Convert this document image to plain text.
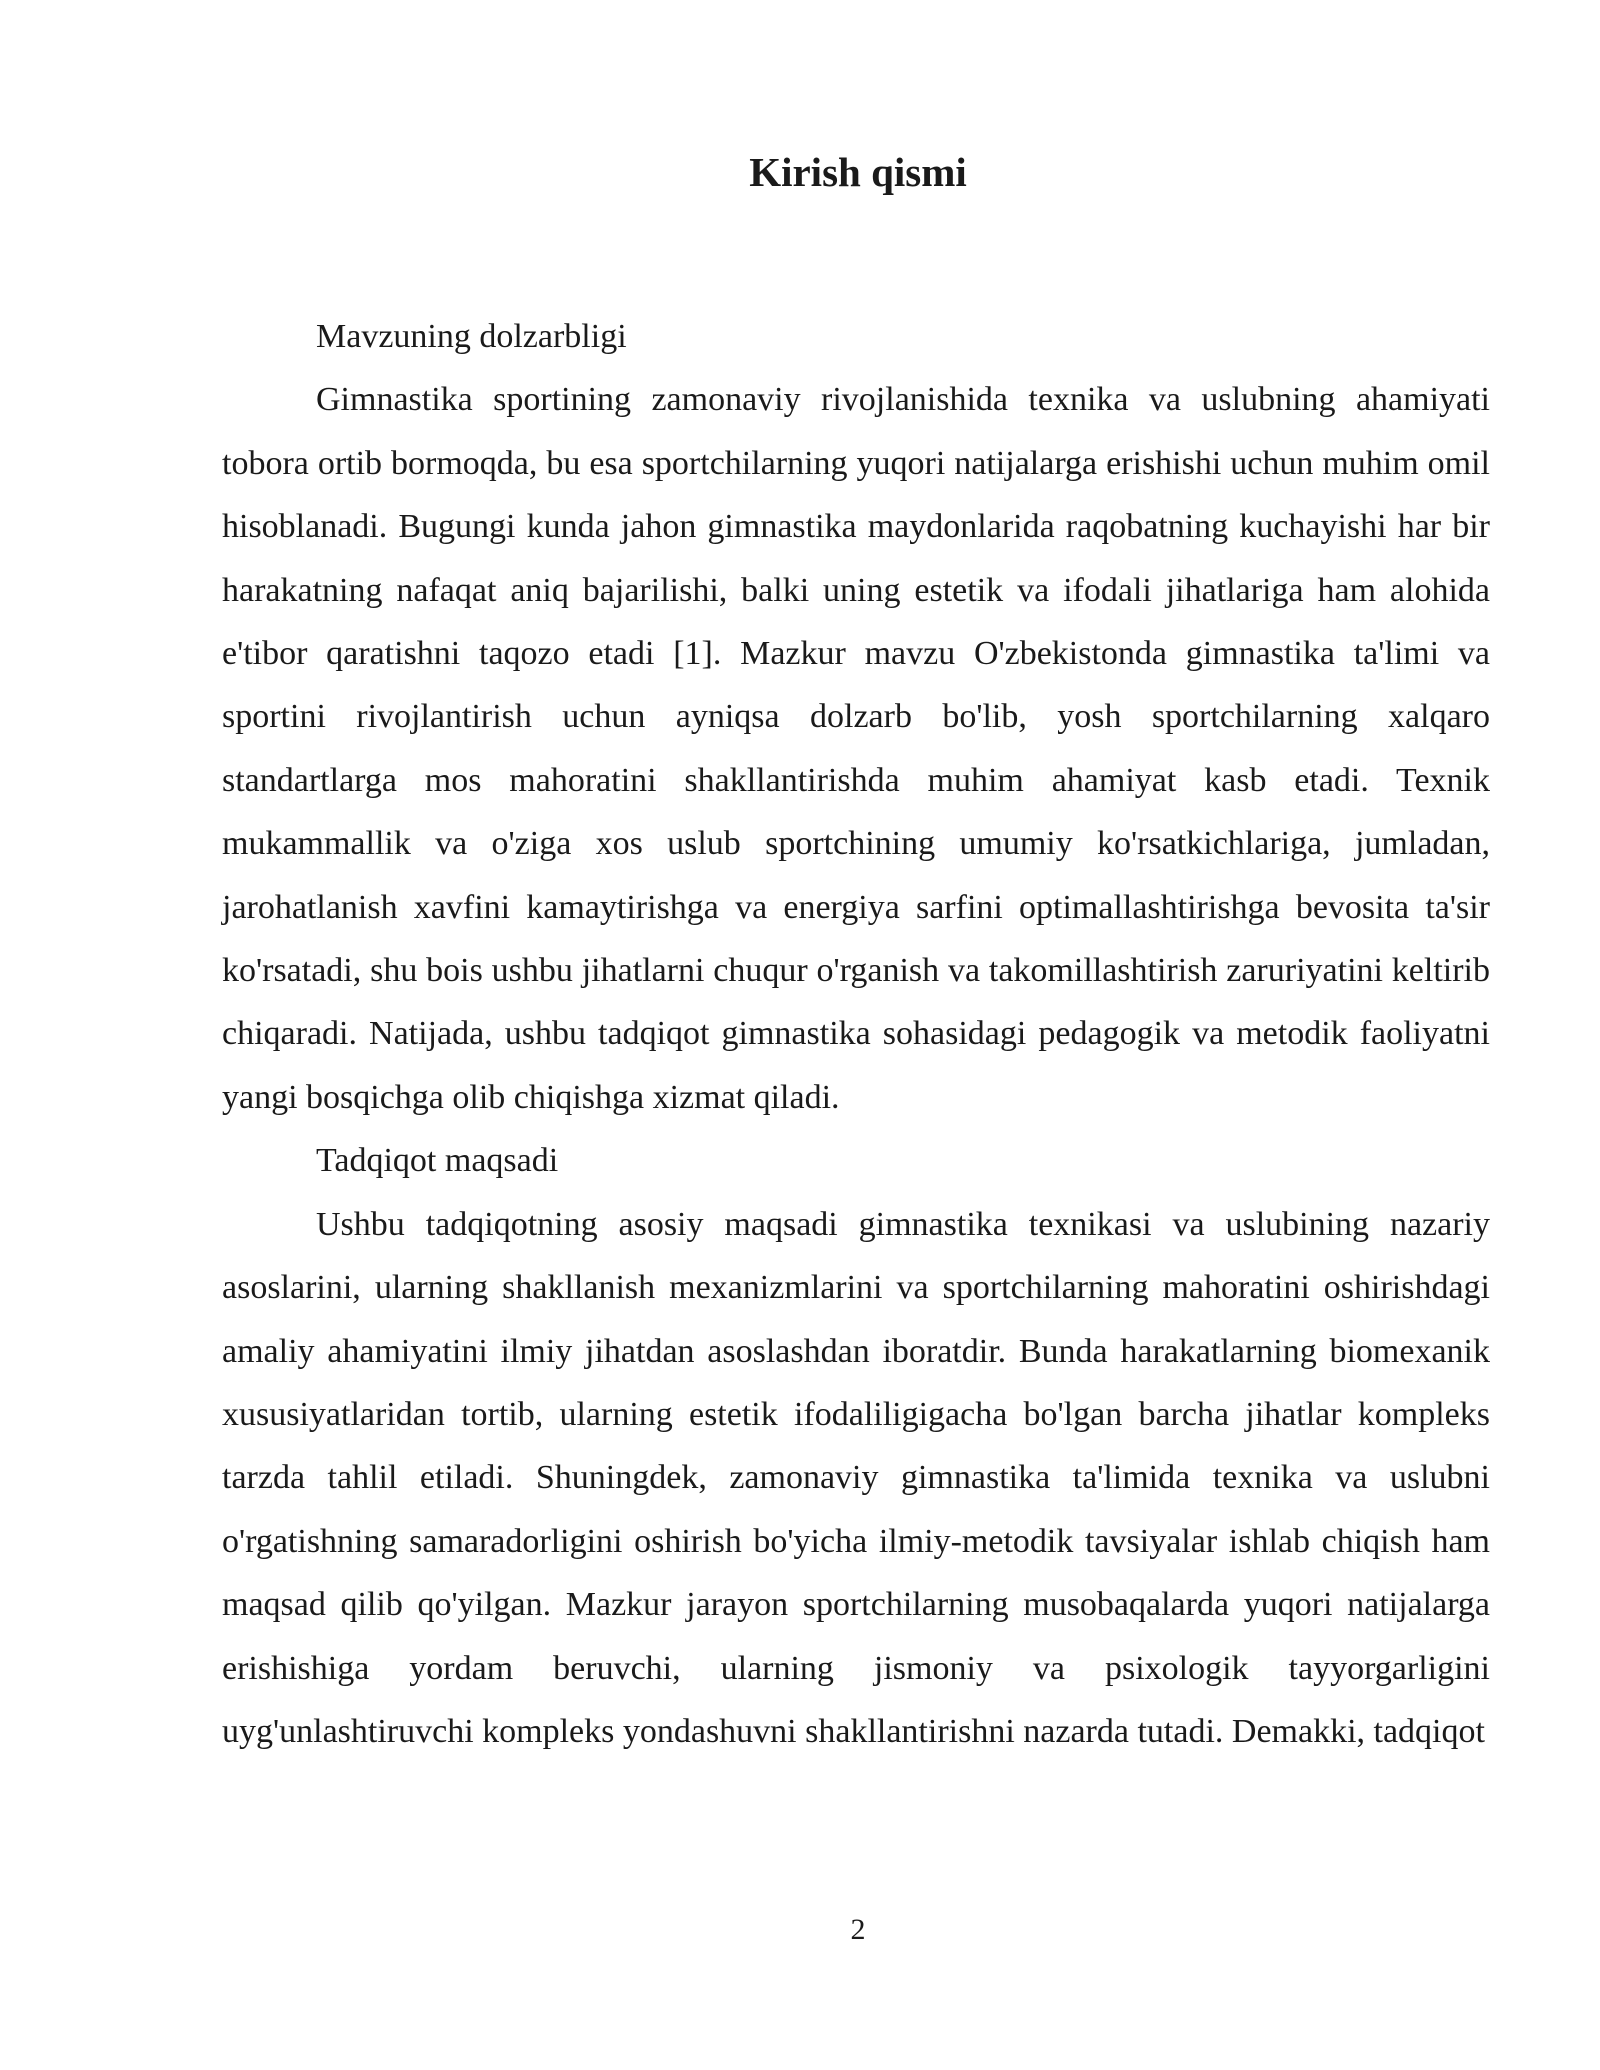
Kirish qismi

Mavzuning dolzarbligi

Gimnastika sportining zamonaviy rivojlanishida texnika va uslubning ahamiyati tobora ortib bormoqda, bu esa sportchilarning yuqori natijalarga erishishi uchun muhim omil hisoblanadi. Bugungi kunda jahon gimnastika maydonlarida raqobatning kuchayishi har bir harakatning nafaqat aniq bajarilishi, balki uning estetik va ifodali jihatlariga ham alohida e'tibor qaratishni taqozo etadi [1]. Mazkur mavzu O'zbekistonda gimnastika ta'limi va sportini rivojlantirish uchun ayniqsa dolzarb bo'lib, yosh sportchilarning xalqaro standartlarga mos mahoratini shakllantirishda muhim ahamiyat kasb etadi. Texnik mukammallik va o'ziga xos uslub sportchining umumiy ko'rsatkichlariga, jumladan, jarohatlanish xavfini kamaytirishga va energiya sarfini optimallashtirishga bevosita ta'sir ko'rsatadi, shu bois ushbu jihatlarni chuqur o'rganish va takomillashtirish zaruriyatini keltirib chiqaradi. Natijada, ushbu tadqiqot gimnastika sohasidagi pedagogik va metodik faoliyatni yangi bosqichga olib chiqishga xizmat qiladi.

Tadqiqot maqsadi

Ushbu tadqiqotning asosiy maqsadi gimnastika texnikasi va uslubining nazariy asoslarini, ularning shakllanish mexanizmlarini va sportchilarning mahoratini oshirishdagi amaliy ahamiyatini ilmiy jihatdan asoslashdan iboratdir. Bunda harakatlarning biomexanik xususiyatlaridan tortib, ularning estetik ifodaliligigacha bo'lgan barcha jihatlar kompleks tarzda tahlil etiladi. Shuningdek, zamonaviy gimnastika ta'limida texnika va uslubni o'rgatishning samaradorligini oshirish bo'yicha ilmiy-metodik tavsiyalar ishlab chiqish ham maqsad qilib qo'yilgan. Mazkur jarayon sportchilarning musobaqalarda yuqori natijalarga erishishiga yordam beruvchi, ularning jismoniy va psixologik tayyorgarligini uyg'unlashtiruvchi kompleks yondashuvni shakllantirishni nazarda tutadi. Demakki, tadqiqot

2
